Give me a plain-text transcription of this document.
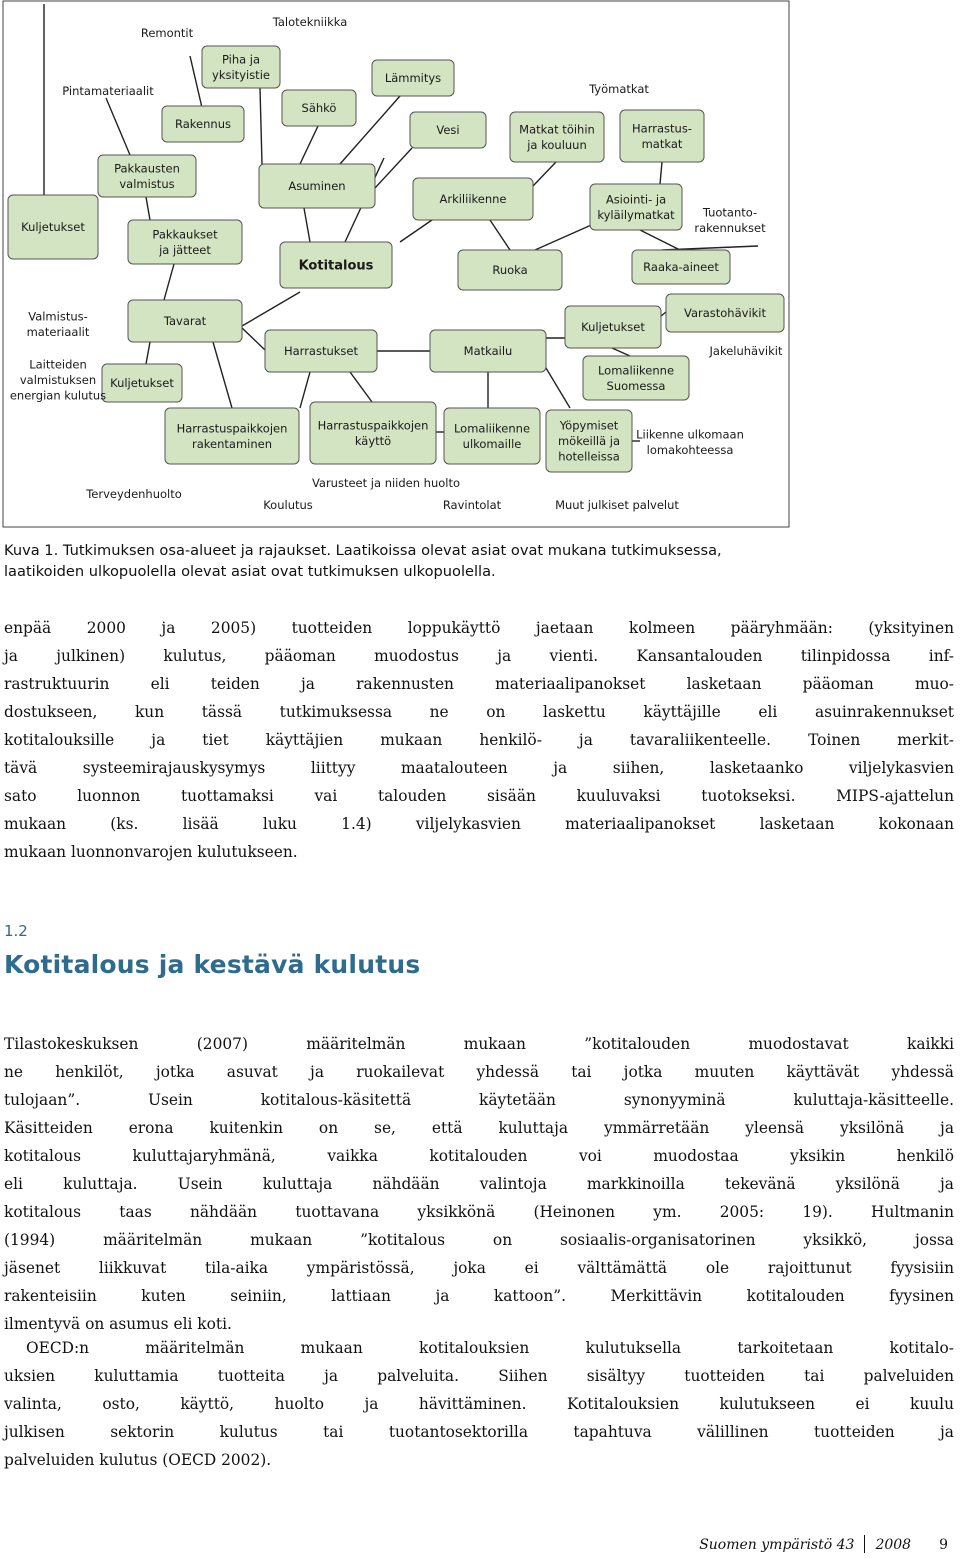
Kuljetukset
Pakkausten valmistus
Rakennus
Piha ja yksityistie
Pakkaukset ja jätteet
Sähkö
Asuminen
Lämmitys
Vesi
Kotitalous
Arkiliikenne
Ruoka
Matkat töihin ja kouluun
Harrastus-matkat
Asiointi- ja kyläilymatkat
Raaka-aineet
Tavarat
Kuljetukset
Harrastukset	Matkailu
Kuljetukset
Varastohävikit
Lomaliikenne Suomessa
Harrastuspaikkojen rakentaminen
Harrastuspaikkojen käyttö
Lomaliikenne ulkomaille
Yöpymiset mökeillä ja hotelleissa
Remontit
Talotekniikka
Pintamateriaalit	Työmatkat
Tuotanto-rakennukset
Valmistus-materiaalit
Laitteiden valmistuksen energian kulutus
Jakeluhävikit
Liikenne ulkomaan lomakohteessa
Varusteet ja niiden huolto
Terveydenhuolto
Koulutus	Ravintolat	Muut julkiset palvelut

Kuva 1. Tutkimuksen osa-alueet ja rajaukset. Laatikoissa olevat asiat ovat mukana tutkimuksessa,

laatikoiden ulkopuolella olevat asiat ovat tutkimuksen ulkopuolella.

enpää 2000 ja 2005) tuotteiden loppukäyttö jaetaan kolmeen pääryhmään: (yksityinen
ja julkinen) kulutus, pääoman muodostus ja vienti. Kansantalouden tilinpidossa inf-
rastruktuurin eli teiden ja rakennusten materiaalipanokset lasketaan pääoman muo-
dostukseen, kun tässä tutkimuksessa ne on laskettu käyttäjille eli asuinrakennukset
kotitalouksille ja tiet käyttäjien mukaan henkilö- ja tavaraliikenteelle. Toinen merkit-
tävä systeemirajauskysymys liittyy maatalouteen ja siihen, lasketaanko viljelykasvien
sato luonnon tuottamaksi vai talouden sisään kuuluvaksi tuotokseksi. MIPS-ajattelun
mukaan (ks. lisää luku 1.4) viljelykasvien materiaalipanokset lasketaan kokonaan
mukaan luonnonvarojen kulutukseen.
1.2
Kotitalous ja kestävä kulutus
Tilastokeskuksen (2007) määritelmän mukaan ”kotitalouden muodostavat kaikki
ne henkilöt, jotka asuvat ja ruokailevat yhdessä tai jotka muuten käyttävät yhdessä
tulojaan”. Usein kotitalous-käsitettä käytetään synonyyminä kuluttaja-käsitteelle.
Käsitteiden erona kuitenkin on se, että kuluttaja ymmärretään yleensä yksilönä ja
kotitalous kuluttajaryhmänä, vaikka kotitalouden voi muodostaa yksikin henkilö
eli kuluttaja. Usein kuluttaja nähdään valintoja markkinoilla tekevänä yksilönä ja
kotitalous taas nähdään tuottavana yksikkönä (Heinonen ym. 2005: 19). Hultmanin
(1994) määritelmän mukaan ”kotitalous on sosiaalis-organisatorinen yksikkö, jossa
jäsenet liikkuvat tila-aika ympäristössä, joka ei välttämättä ole rajoittunut fyysisiin
rakenteisiin kuten seiniin, lattiaan ja kattoon”. Merkittävin kotitalouden fyysinen
ilmentyvä on asumus eli koti.
OECD:n määritelmän mukaan kotitalouksien kulutuksella tarkoitetaan kotitalo-
uksien kuluttamia tuotteita ja palveluita. Siihen sisältyy tuotteiden tai palveluiden
valinta, osto, käyttö, huolto ja hävittäminen. Kotitalouksien kulutukseen ei kuulu
julkisen sektorin kulutus tai tuotantosektorilla tapahtuva välillinen tuotteiden ja
palveluiden kulutus (OECD 2002).
Suomen ympäristö 43 2008 9
